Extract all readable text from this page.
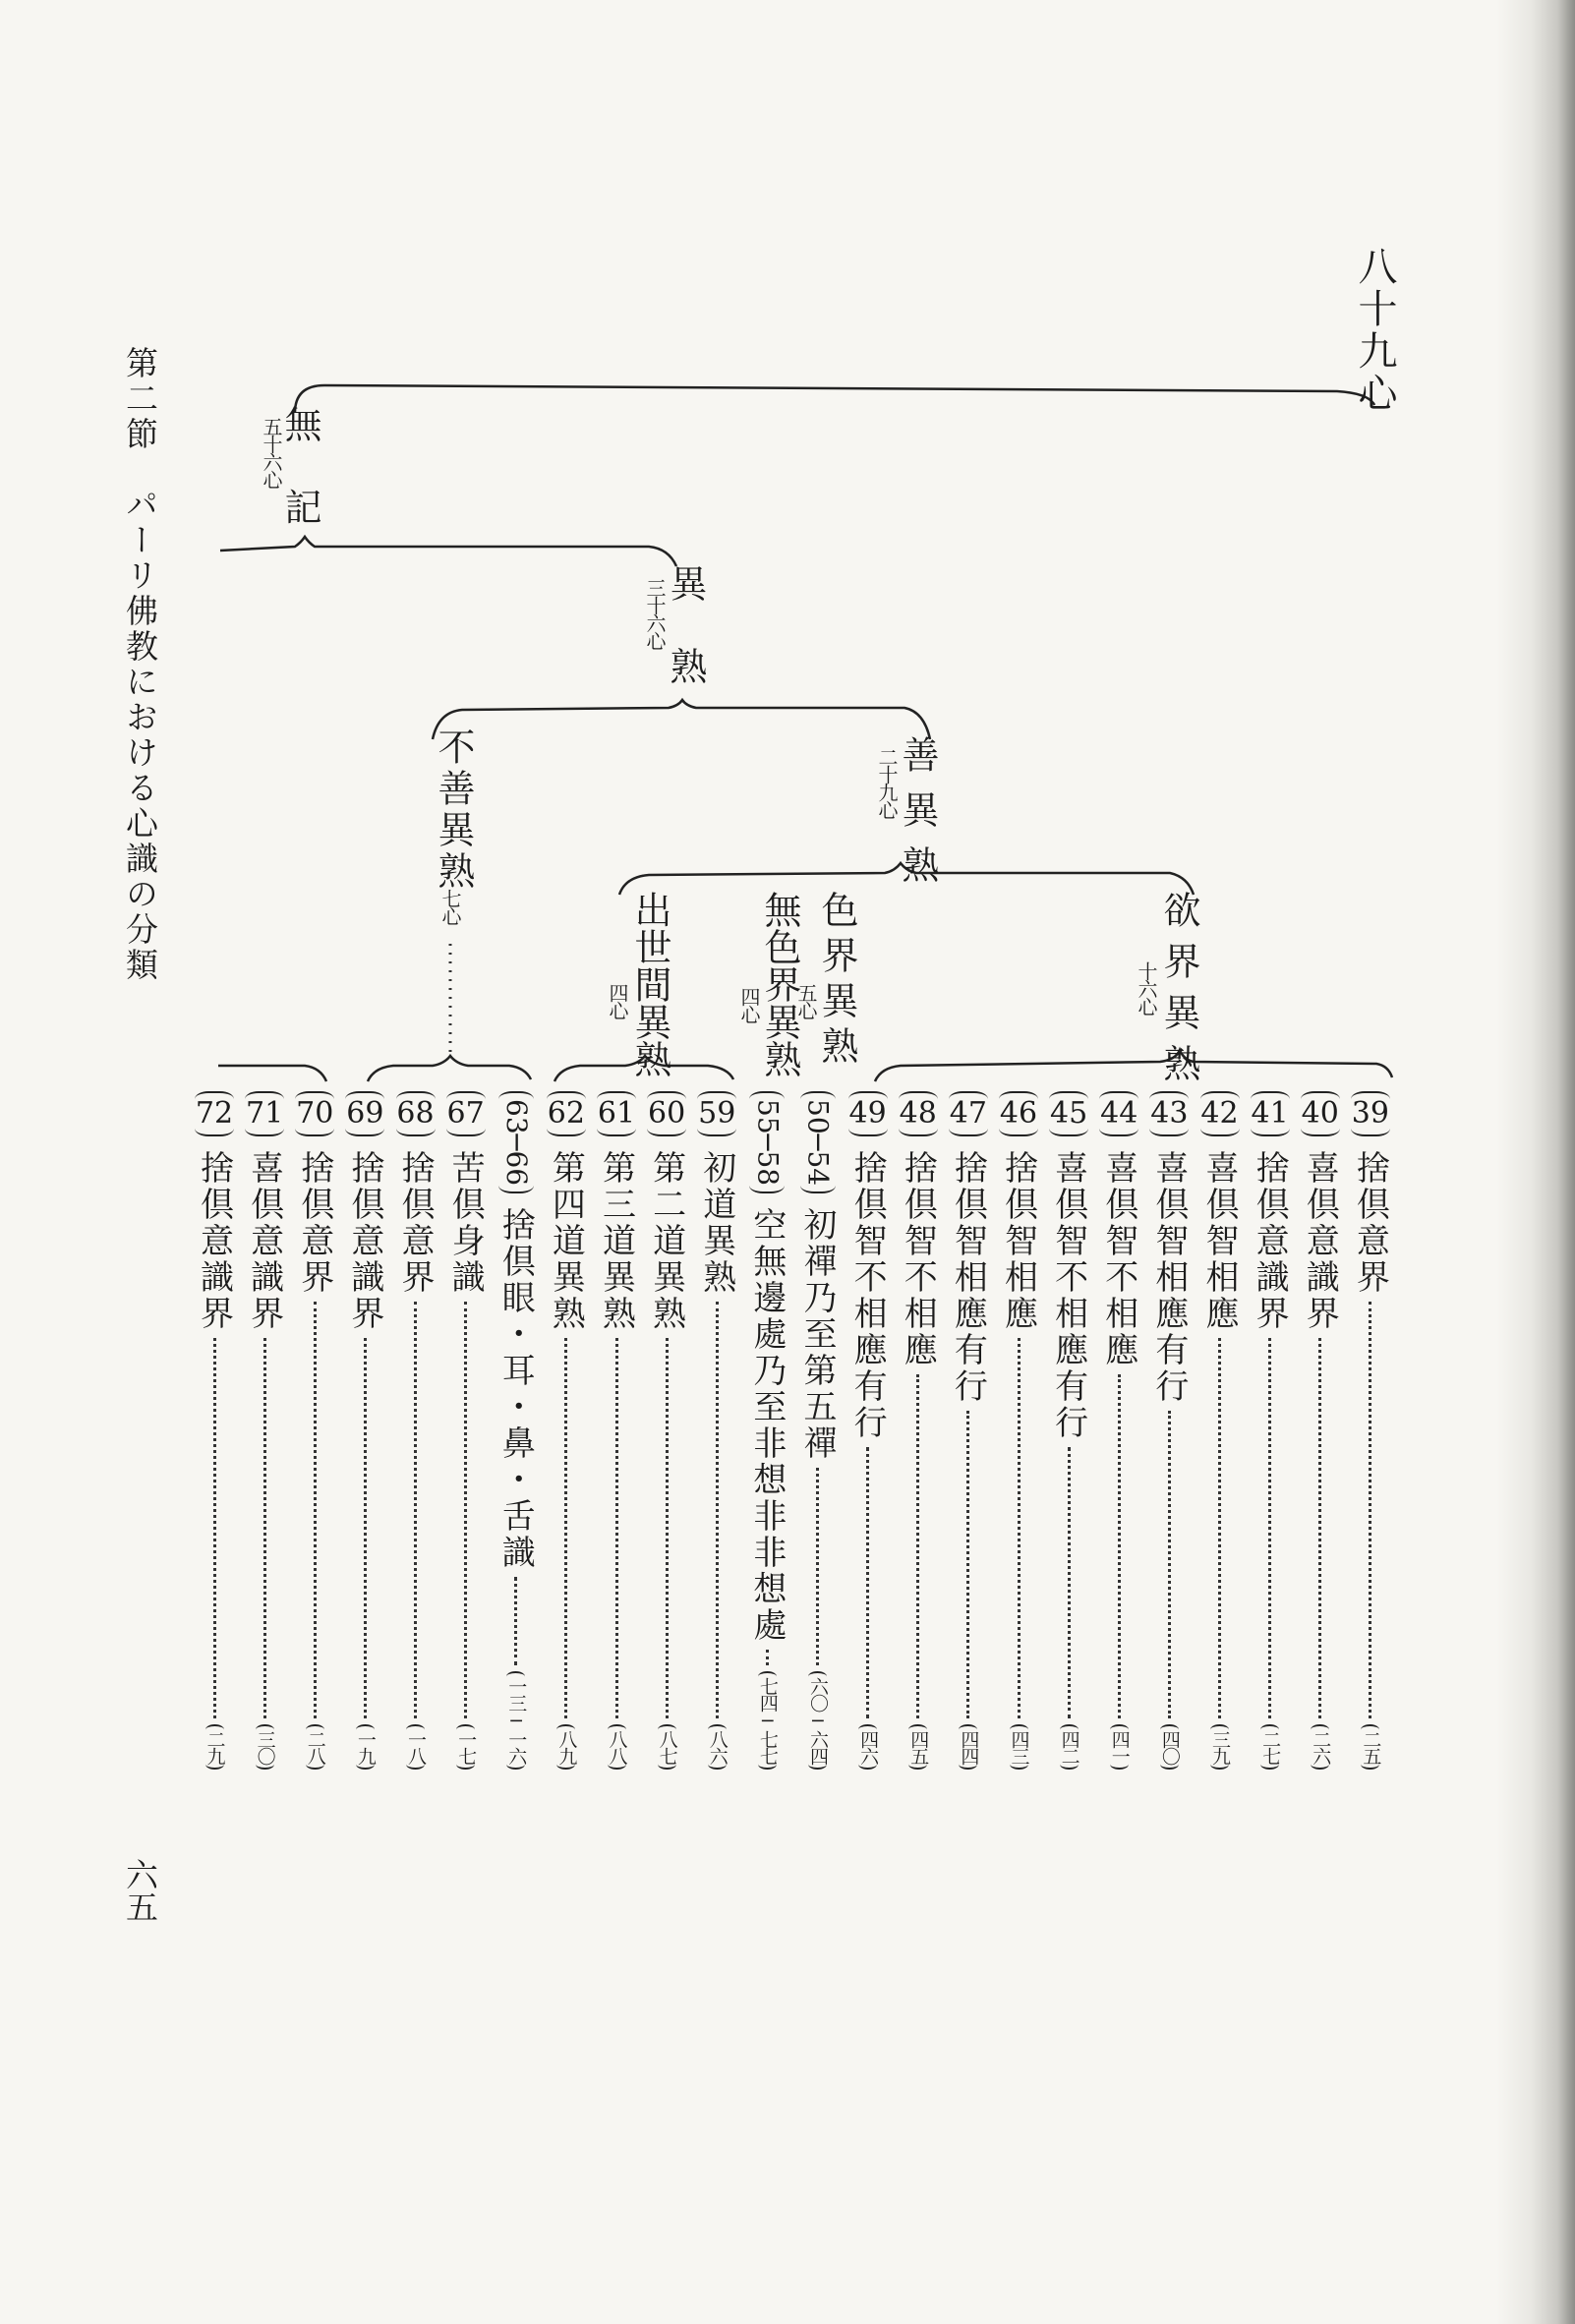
第二節　パーリ佛教における心識の分類
六五
八十九心
無記
五十六心
異熟
三十六心
不善異熟
七心
善異熟
二十九心
欲界異熟
十六心
色界異熟
五心
無色界異熟
四心
出世間異熟
四心
39
捨倶意界
二五
40
喜倶意識界
二六
41
捨倶意識界
二七
42
喜倶智相應
三九
43
喜倶智相應有行
四〇
44
喜倶智不相應
四一
45
喜倶智不相應有行
四二
46
捨倶智相應
四三
47
捨倶智相應有行
四四
48
捨倶智不相應
四五
49
捨倶智不相應有行
四六
50─54
初禪乃至第五禪
六〇─六四
55─58
空無邊處乃至非想非非想處
七四─七七
59
初道異熟
八六
60
第二道異熟
八七
61
第三道異熟
八八
62
第四道異熟
八九
63─66
捨倶眼・耳・鼻・舌識
一三─一六
67
苦倶身識
一七
68
捨倶意界
一八
69
捨倶意識界
一九
70
捨倶意界
二八
71
喜倶意識界
三〇
72
捨倶意識界
二九
